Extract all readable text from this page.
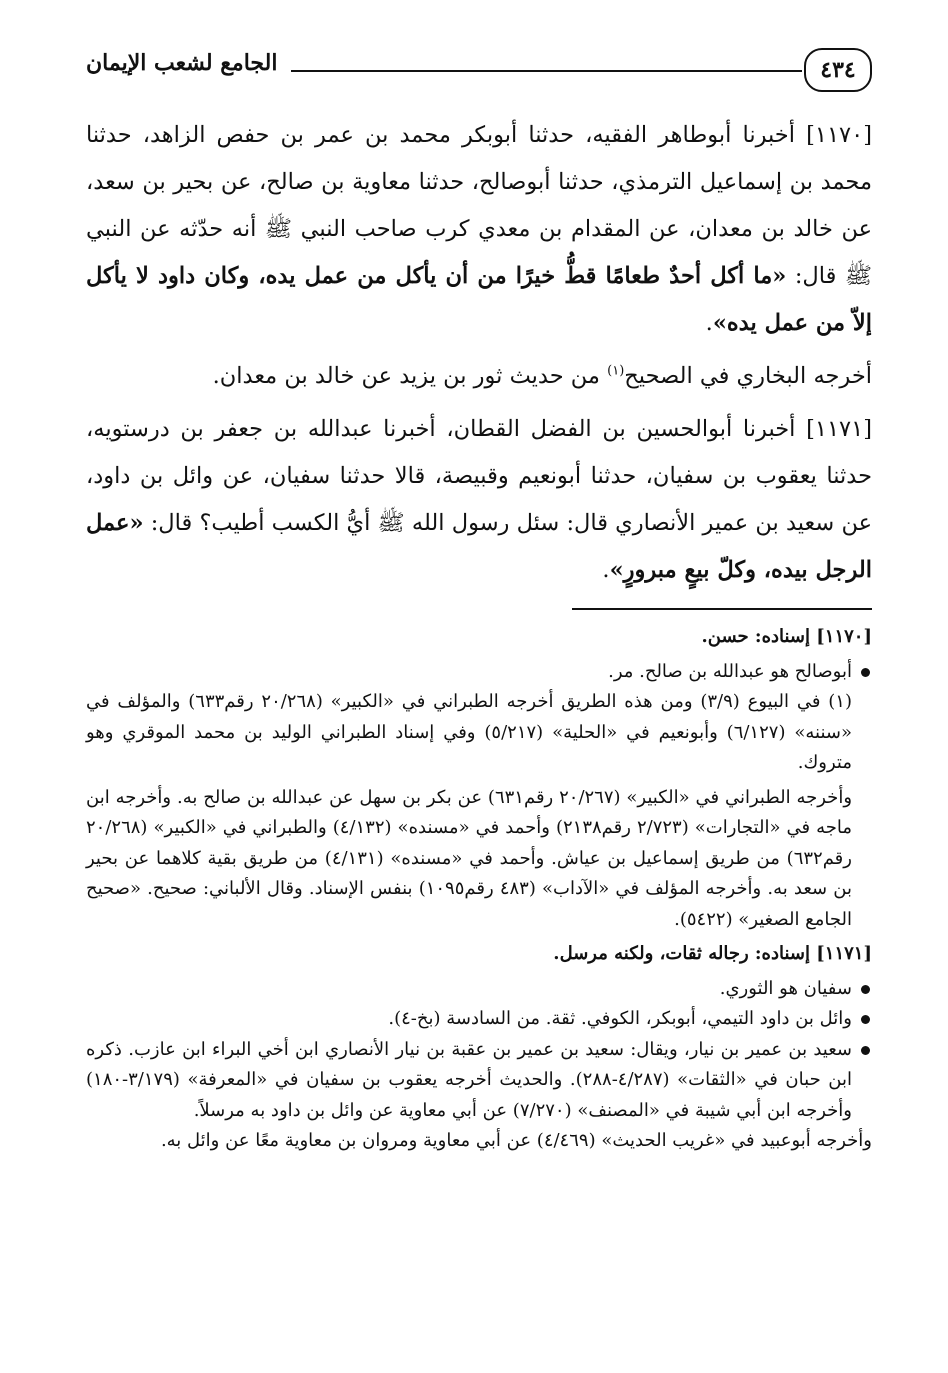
٤٣٤
الجامع لشعب الإيمان

[١١٧٠] أخبرنا أبوطاهر الفقيه، حدثنا أبوبكر محمد بن عمر بن حفص الزاهد، حدثنا محمد بن إسماعيل الترمذي، حدثنا أبوصالح، حدثنا معاوية بن صالح، عن بحير بن سعد، عن خالد بن معدان، عن المقدام بن معدي كرب صاحب النبي ﷺ أنه حدّثه عن النبي ﷺ قال: «ما أكل أحدٌ طعامًا قطُّ خيرًا من أن يأكل من عمل يده، وكان داود لا يأكل إلاّ من عمل يده».

أخرجه البخاري في الصحيح$^{(١)}$ من حديث ثور بن يزيد عن خالد بن معدان.

[١١٧١] أخبرنا أبوالحسين بن الفضل القطان، أخبرنا عبدالله بن جعفر بن درستويه، حدثنا يعقوب بن سفيان، حدثنا أبونعيم وقبيصة، قالا حدثنا سفيان، عن وائل بن داود، عن سعيد بن عمير الأنصاري قال: سئل رسول الله ﷺ أيُّ الكسب أطيب؟ قال: «عمل الرجل بيده، وكلّ بيعٍ مبرورٍ».

[١١٧٠] إسناده: حسن.

أبوصالح هو عبدالله بن صالح. مر.

(١) في البيوع (٣/٩) ومن هذه الطريق أخرجه الطبراني في «الكبير» (٢٠/٢٦٨ رقم٦٣٣) والمؤلف في «سننه» (٦/١٢٧) وأبونعيم في «الحلية» (٥/٢١٧) وفي إسناد الطبراني الوليد بن محمد الموقري وهو متروك.

وأخرجه الطبراني في «الكبير» (٢٠/٢٦٧ رقم٦٣١) عن بكر بن سهل عن عبدالله بن صالح به. وأخرجه ابن ماجه في «التجارات» (٢/٧٢٣ رقم٢١٣٨) وأحمد في «مسنده» (٤/١٣٢) والطبراني في «الكبير» (٢٠/٢٦٨ رقم٦٣٢) من طريق إسماعيل بن عياش. وأحمد في «مسنده» (٤/١٣١) من طريق بقية كلاهما عن بحير بن سعد به. وأخرجه المؤلف في «الآداب» (٤٨٣ رقم١٠٩٥) بنفس الإسناد. وقال الألباني: صحيح. «صحيح الجامع الصغير» (٥٤٢٢).

[١١٧١] إسناده: رجاله ثقات، ولكنه مرسل.

سفيان هو الثوري.
وائل بن داود التيمي، أبوبكر، الكوفي. ثقة. من السادسة (بخ-٤).
سعيد بن عمير بن نيار، ويقال: سعيد بن عمير بن عقبة بن نيار الأنصاري ابن أخي البراء ابن عازب. ذكره ابن حبان في «الثقات» (٤/٢٨٧-٢٨٨). والحديث أخرجه يعقوب بن سفيان في «المعرفة» (٣/١٧٩-١٨٠) وأخرجه ابن أبي شيبة في «المصنف» (٧/٢٧٠) عن أبي معاوية عن وائل بن داود به مرسلاً.

وأخرجه أبوعبيد في «غريب الحديث» (٤/٤٦٩) عن أبي معاوية ومروان بن معاوية معًا عن وائل به.
